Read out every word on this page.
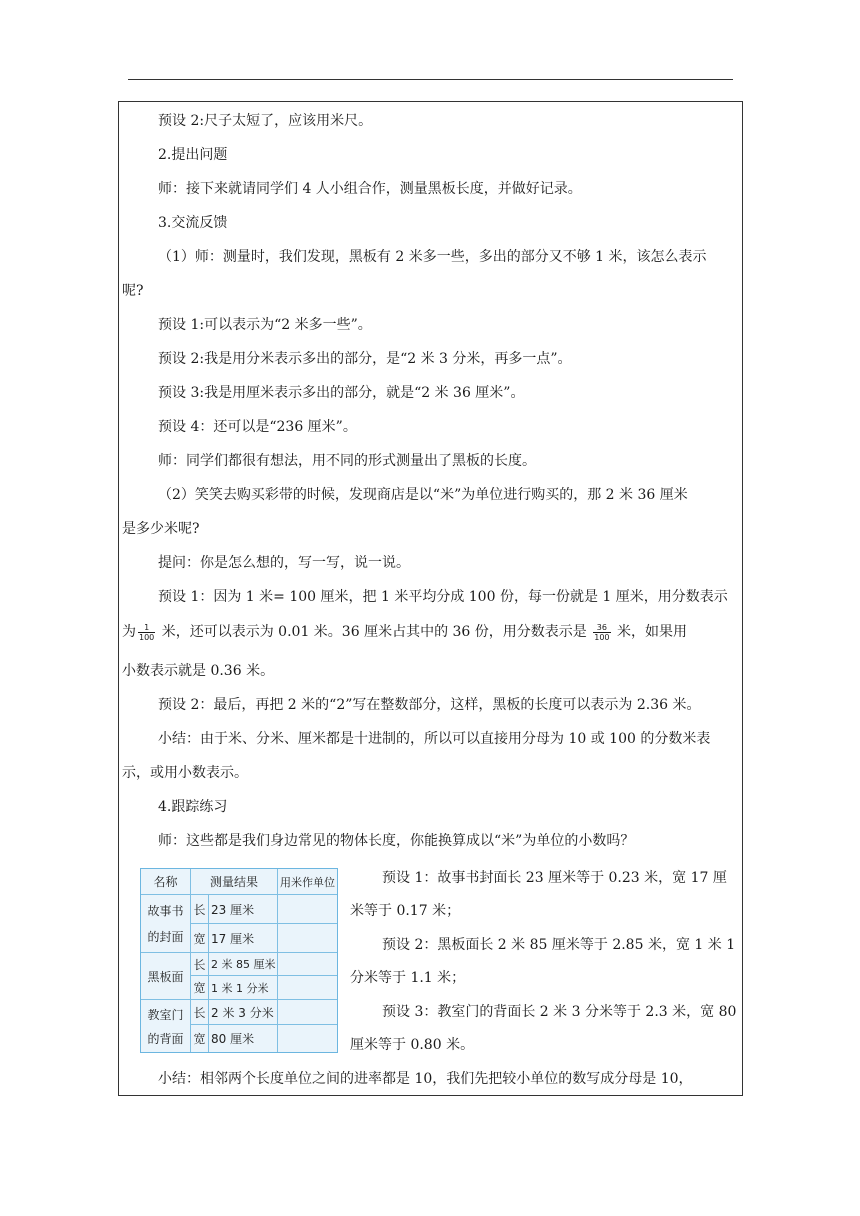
预设 2:尺子太短了，应该用米尺。
2.提出问题
师：接下来就请同学们 4 人小组合作，测量黑板长度，并做好记录。
3.交流反馈
（1）师：测量时，我们发现，黑板有 2 米多一些，多出的部分又不够 1 米，该怎么表示
呢?
预设 1:可以表示为“2 米多一些”。
预设 2:我是用分米表示多出的部分，是“2 米 3 分米，再多一点”。
预设 3:我是用厘米表示多出的部分，就是“2 米 36 厘米”。
预设 4：还可以是“236 厘米”。
师：同学们都很有想法，用不同的形式测量出了黑板的长度。
（2）笑笑去购买彩带的时候，发现商店是以“米”为单位进行购买的，那 2 米 36 厘米
是多少米呢?
提问：你是怎么想的，写一写，说一说。
预设 1：因为 1 米= 100 厘米，把 1 米平均分成 100 份，每一份就是 1 厘米，用分数表示
为 $\frac{1}{100}$ 米，还可以表示为 0.01 米。36 厘米占其中的 36 份，用分数表示是 $\frac{36}{100}$ 米，如果用
小数表示就是 0.36 米。
预设 2：最后，再把 2 米的“2”写在整数部分，这样，黑板的长度可以表示为 2.36 米。
小结：由于米、分米、厘米都是十进制的，所以可以直接用分母为 10 或 100 的分数米表
示，或用小数表示。
4.跟踪练习
师：这些都是我们身边常见的物体长度，你能换算成以“米”为单位的小数吗？
预设 1：故事书封面长 23 厘米等于 0.23 米，宽 17 厘
米等于 0.17 米；
预设 2：黑板面长 2 米 85 厘米等于 2.85 米，宽 1 米 1
分米等于 1.1 米；
预设 3：教室门的背面长 2 米 3 分米等于 2.3 米，宽 80
厘米等于 0.80 米。
小结：相邻两个长度单位之间的进率都是 10，我们先把较小单位的数写成分母是 10，
名称	测量结果	用米作单位
故事书
的封面
黑板面
教室门
的背面
长
宽
长
宽
长
宽
23 厘米
17 厘米
2 米 85 厘米
1 米 1 分米
2 米 3 分米
80 厘米
